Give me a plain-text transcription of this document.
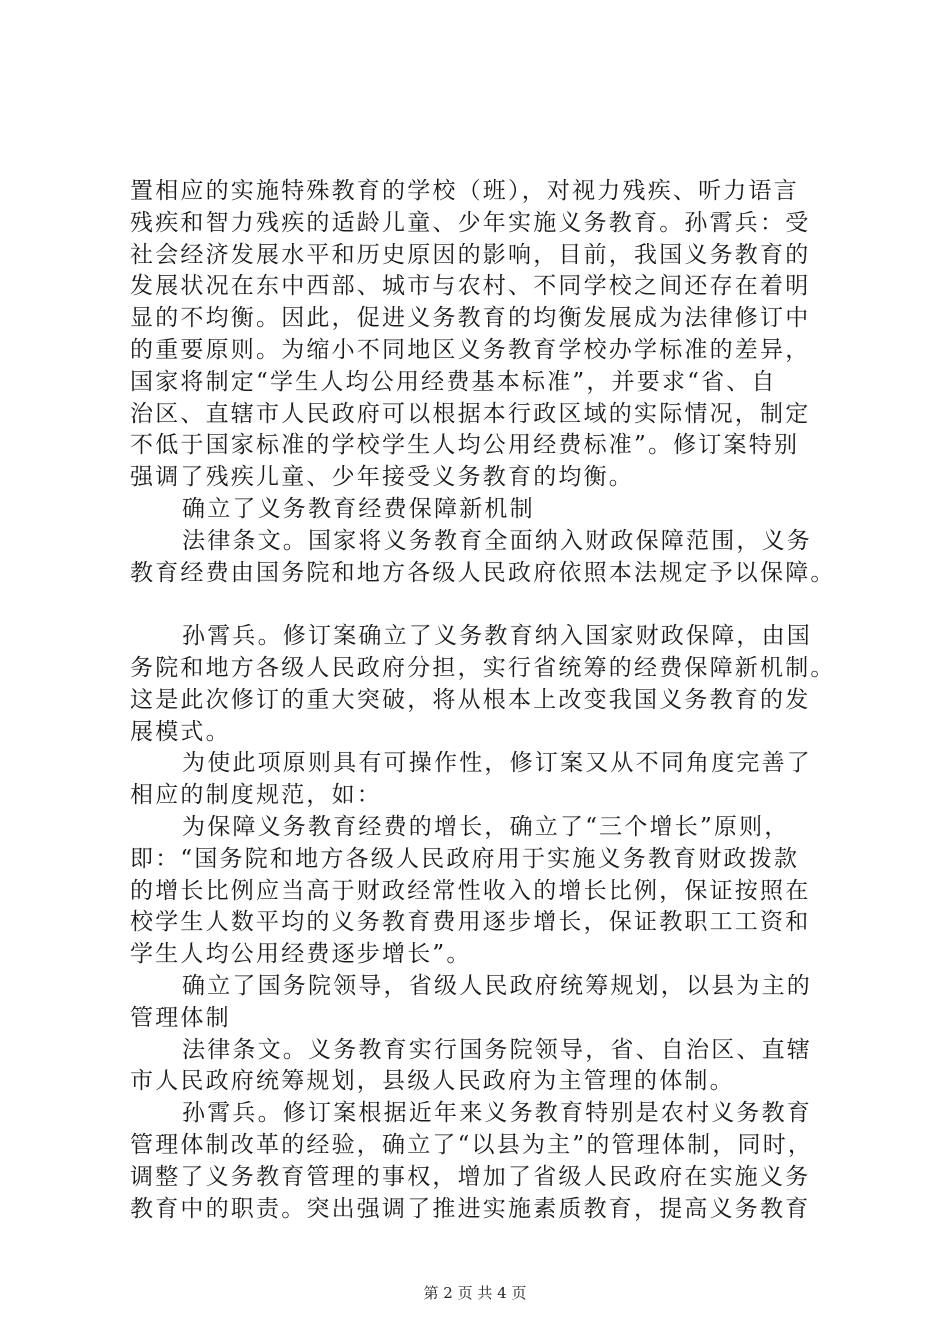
置相应的实施特殊教育的学校（班），对视力残疾、听力语言
残疾和智力残疾的适龄儿童、少年实施义务教育。孙霄兵：受
社会经济发展水平和历史原因的影响，目前，我国义务教育的
发展状况在东中西部、城市与农村、不同学校之间还存在着明
显的不均衡。因此，促进义务教育的均衡发展成为法律修订中
的重要原则。为缩小不同地区义务教育学校办学标准的差异，
国家将制定“学生人均公用经费基本标准”，并要求“省、自
治区、直辖市人民政府可以根据本行政区域的实际情况，制定
不低于国家标准的学校学生人均公用经费标准”。修订案特别
强调了残疾儿童、少年接受义务教育的均衡。
确立了义务教育经费保障新机制
法律条文。国家将义务教育全面纳入财政保障范围，义务
教育经费由国务院和地方各级人民政府依照本法规定予以保障。
孙霄兵。修订案确立了义务教育纳入国家财政保障，由国
务院和地方各级人民政府分担，实行省统筹的经费保障新机制。
这是此次修订的重大突破，将从根本上改变我国义务教育的发
展模式。
为使此项原则具有可操作性，修订案又从不同角度完善了
相应的制度规范，如：
为保障义务教育经费的增长，确立了“三个增长”原则，
即：“国务院和地方各级人民政府用于实施义务教育财政拨款
的增长比例应当高于财政经常性收入的增长比例，保证按照在
校学生人数平均的义务教育费用逐步增长，保证教职工工资和
学生人均公用经费逐步增长”。
确立了国务院领导，省级人民政府统筹规划，以县为主的
管理体制
法律条文。义务教育实行国务院领导，省、自治区、直辖
市人民政府统筹规划，县级人民政府为主管理的体制。
孙霄兵。修订案根据近年来义务教育特别是农村义务教育
管理体制改革的经验，确立了“以县为主”的管理体制，同时，
调整了义务教育管理的事权，增加了省级人民政府在实施义务
教育中的职责。突出强调了推进实施素质教育，提高义务教育
第 2 页 共 4 页
